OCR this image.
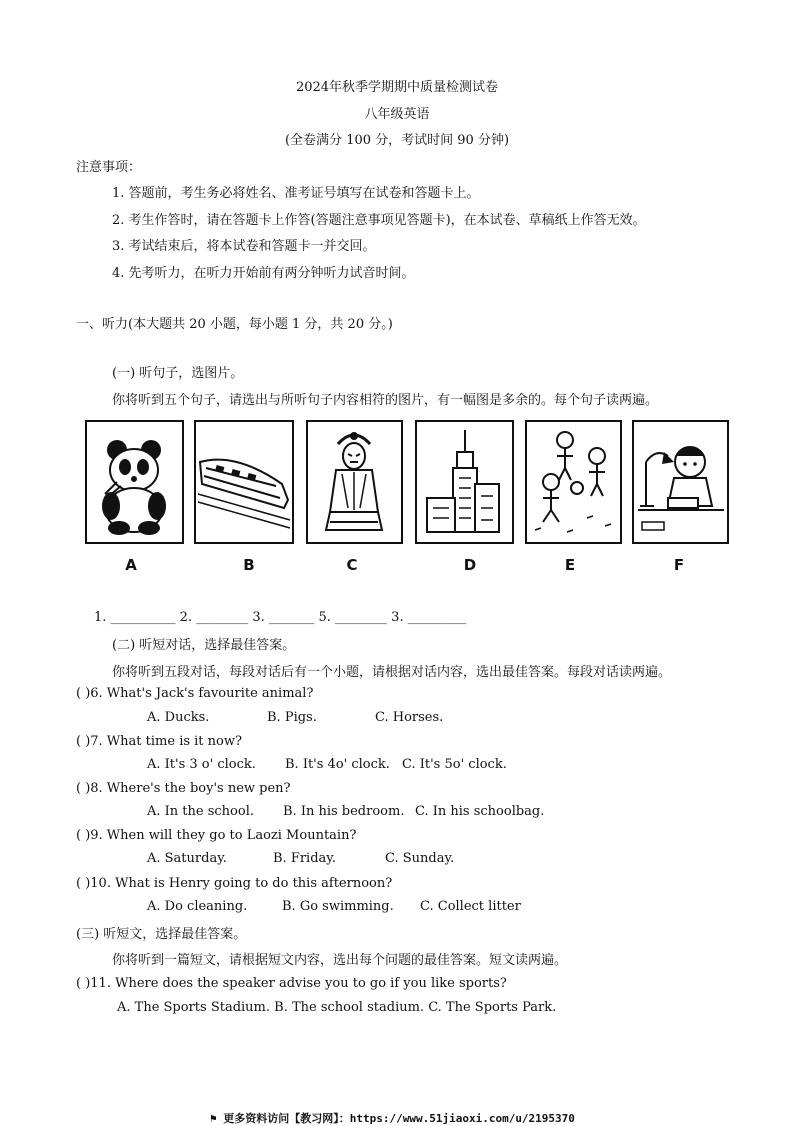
2024年秋季学期期中质量检测试卷
八年级英语
(全卷满分 100 分，考试时间 90 分钟)
注意事项：
1. 答题前，考生务必将姓名、准考证号填写在试卷和答题卡上。
2. 考生作答时，请在答题卡上作答(答题注意事项见答题卡)，在本试卷、草稿纸上作答无效。
3. 考试结束后，将本试卷和答题卡一并交回。
4. 先考听力，在听力开始前有两分钟听力试音时间。
一、听力(本大题共 20 小题，每小题 1 分，共 20 分。)
(一) 听句子，选图片。
你将听到五个句子，请选出与所听句子内容相符的图片，有一幅图是多余的。每个句子读两遍。
A	B	C	D	E	F
1. __________ 2. ________ 3. _______ 5. ________ 3. _________
(二) 听短对话，选择最佳答案。
你将听到五段对话，每段对话后有一个小题，请根据对话内容，选出最佳答案。每段对话读两遍。
( )6. What's Jack's favourite animal?
A. Ducks.	B. Pigs.	C. Horses.
( )7. What time is it now?
A. It's 3 o' clock. B. It's 4o' clock. C. It's 5o' clock.
( )8. Where's the boy's new pen?
A. In the school. B. In his bedroom. C. In his schoolbag.
( )9. When will they go to Laozi Mountain?
A. Saturday.	B. Friday.	C. Sunday.
( )10. What is Henry going to do this afternoon?
A. Do cleaning.	B. Go swimming. C. Collect litter
(三) 听短文，选择最佳答案。
你将听到一篇短文，请根据短文内容，选出每个问题的最佳答案。短文读两遍。
( )11. Where does the speaker advise you to go if you like sports?
A. The Sports Stadium. B. The school stadium. C. The Sports Park.
⚑ 更多资料访问【教习网】：https://www.51jiaoxi.com/u/2195370
